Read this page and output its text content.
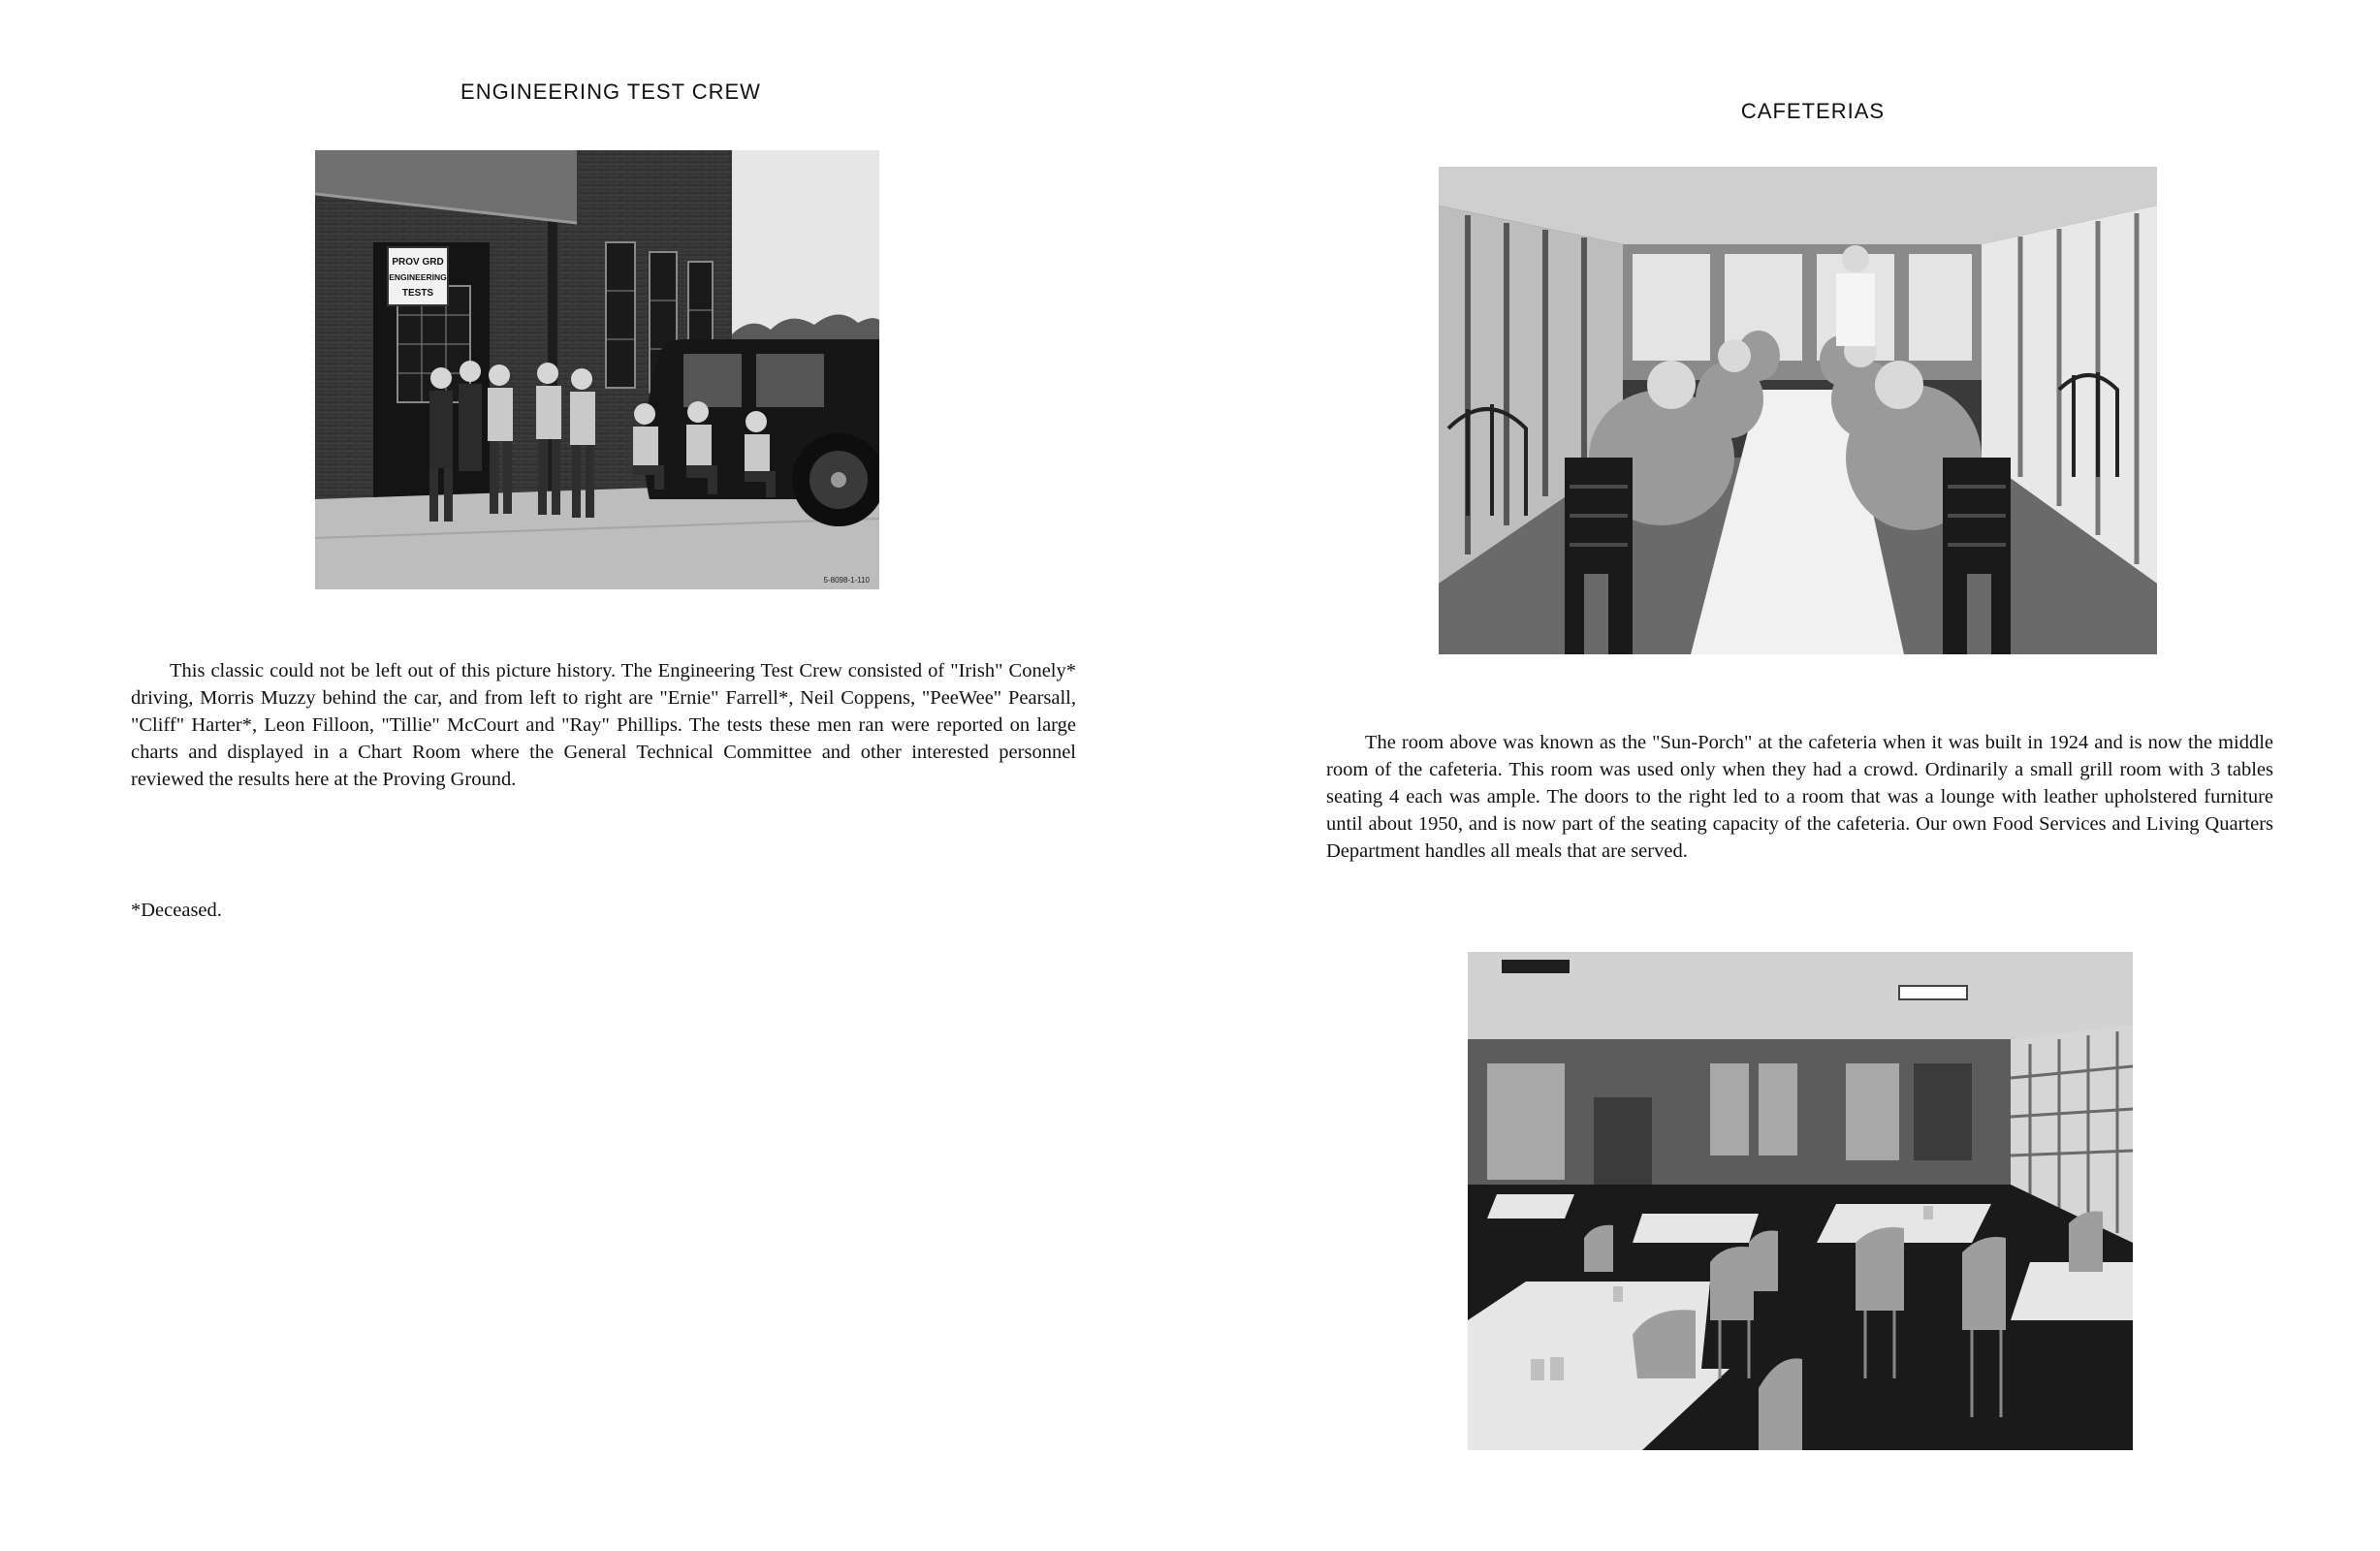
ENGINEERING TEST CREW
PROV GRD
ENGINEERING
TESTS
5-8098-1-110

This classic could not be left out of this picture history. The Engineering Test Crew consisted of "Irish" Conely* driving, Morris Muzzy behind the car, and from left to right are "Ernie" Farrell*, Neil Coppens, "PeeWee" Pearsall, "Cliff" Harter*, Leon Filloon, "Tillie" McCourt and "Ray" Phillips. The tests these men ran were reported on large charts and displayed in a Chart Room where the General Technical Committee and other interested personnel reviewed the results here at the Proving Ground.

*Deceased.

CAFETERIAS

The room above was known as the "Sun-Porch" at the cafeteria when it was built in 1924 and is now the middle room of the cafeteria. This room was used only when they had a crowd. Ordinarily a small grill room with 3 tables seating 4 each was ample. The doors to the right led to a room that was a lounge with leather upholstered furniture until about 1950, and is now part of the seating capacity of the cafeteria. Our own Food Services and Living Quarters Department handles all meals that are served.
